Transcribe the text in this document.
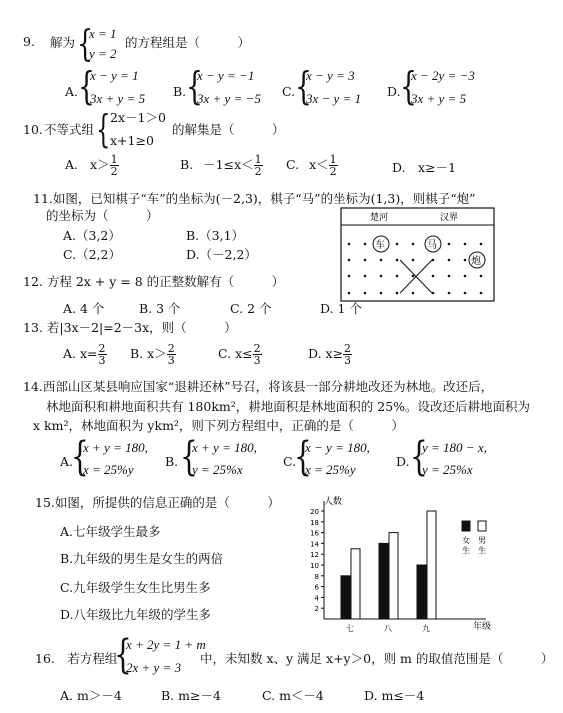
9. 解为 {
x = 1
y = 2
的方程组是（　　　）
A. {
x − y = 1
3x + y = 5 B. {
x − y = −1
3x + y = −5 C. {
x − y = 3
3x − y = 1 D. {
x − 2y = −3
3x + y = 5
10. 不等式组 { 2x－1＞0
x+1≥0
的解集是（　　　）
A. $x> \frac{1}{2}$	B. $-1\le x< \frac{1}{2} C$. $x< \frac{1}{2}$	D.　x≥－1
11.如图，已知棋子“车”的坐标为(－2,3)，棋子“马”的坐标为(1,3)，则棋子“炮”
的坐标为（　　　）
A.（3,2）	B.（3,1）
C.（2,2）	D.（－2,2）
楚河	汉界
车	马
炮
12. 方程 2x + y = 8 的正整数解有（　　　）
A. 4 个	B. 3 个	C. 2 个	D. 1 个
13. 若|3x－2|=2－3x，则（　　　）
A. $x= \frac{2}{3} B$. $x> \frac{2}{3}$	C. $x\le \frac{2}{3}$	D. $x\ge \frac{2}{3}$
14.西部山区某县响应国家“退耕还林”号召，将该县一部分耕地改还为林地。改还后，
林地面积和耕地面积共有 180km²，耕地面积是林地面积的 25%。设改还后耕地面积为
x km²，林地面积为 ykm²，则下列方程组中，正确的是（　　　）
A.
{
x + y = 180,
x = 25%y
B. {
x + y = 180,
y = 25%x
C.
{
x − y = 180,
x = 25%y
D. {
y = 180 − x,
y = 25%x
15.如图，所提供的信息正确的是（　　　）
A.七年级学生最多
B.九年级的男生是女生的两倍
C.九年级学生女生比男生多
D.八年级比九年级的学生多
人数
年级
2
4
6
8
10
12
14
16
18
20
七	八	九
女
生
男
生
16.　若方程组
{
x + 2y = 1 + m
2x + y = 3
中，未知数 x、y 满足 x+y＞0，则 m 的取值范围是（　　　）
A. m＞－4	B. m≥－4	C. m＜－4	D. m≤－4
